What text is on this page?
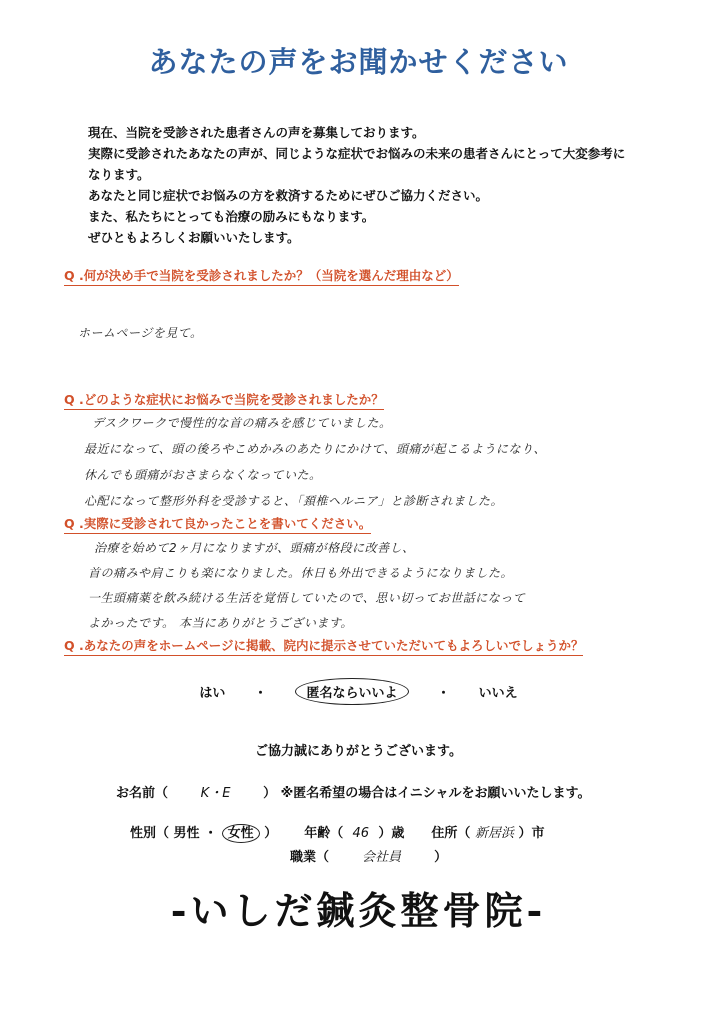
あなたの声をお聞かせください

現在、当院を受診された患者さんの声を募集しております。

実際に受診されたあなたの声が、同じような症状でお悩みの未来の患者さんにとって大変参考に

なります。

あなたと同じ症状でお悩みの方を救済するためにぜひご協力ください。

また、私たちにとっても治療の励みにもなります。

ぜひともよろしくお願いいたします。

Q .何が決め手で当院を受診されましたか？（当院を選んだ理由など）

ホームページを見て。

Q .どのような症状にお悩みで当院を受診されましたか？

デスクワークで慢性的な首の痛みを感じていました。

最近になって、頭の後ろやこめかみのあたりにかけて、頭痛が起こるようになり、

休んでも頭痛がおさまらなくなっていた。

心配になって整形外科を受診すると、「頚椎ヘルニア」と診断されました。

Q .実際に受診されて良かったことを書いてください。

治療を始めて2ヶ月になりますが、頭痛が格段に改善し、

首の痛みや肩こりも楽になりました。休日も外出できるようになりました。

一生頭痛薬を飲み続ける生活を覚悟していたので、思い切ってお世話になって

よかったです。 本当にありがとうございます。

Q .あなたの声をホームページに掲載、院内に提示させていただいてもよろしいでしょうか？
はい ・	匿名ならいいよ	・ いいえ
ご協力誠にありがとうございます。
お名前（	K・E	） ※匿名希望の場合はイニシャルをお願いいたします。
性別（ 男性 ・ 女性 ） 年齢（ 46 ）歳 住所（ 新居浜 ）市
職業（	会社員	）
-いしだ鍼灸整骨院-
